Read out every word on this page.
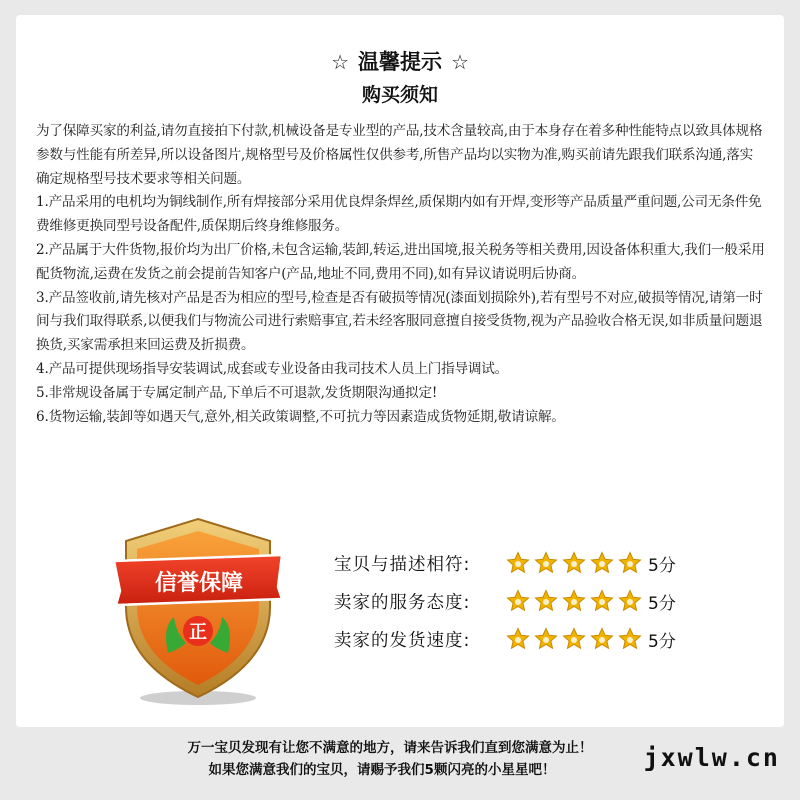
☆ 温馨提示 ☆
购买须知

为了保障买家的利益,请勿直接拍下付款,机械设备是专业型的产品,技术含量较高,由于本身存在着多种性能特点以致具体规格参数与性能有所差异,所以设备图片,规格型号及价格属性仅供参考,所售产品均以实物为准,购买前请先跟我们联系沟通,落实确定规格型号技术要求等相关问题。

1.产品采用的电机均为铜线制作,所有焊接部分采用优良焊条焊丝,质保期内如有开焊,变形等产品质量严重问题,公司无条件免费维修更换同型号设备配件,质保期后终身维修服务。

2.产品属于大件货物,报价均为出厂价格,未包含运输,装卸,转运,进出国境,报关税务等相关费用,因设备体积重大,我们一般采用配货物流,运费在发货之前会提前告知客户(产品,地址不同,费用不同),如有异议请说明后协商。

3.产品签收前,请先核对产品是否为相应的型号,检查是否有破损等情况(漆面划损除外),若有型号不对应,破损等情况,请第一时间与我们取得联系,以便我们与物流公司进行索赔事宜,若未经客服同意擅自接受货物,视为产品验收合格无误,如非质量问题退换货,买家需承担来回运费及折损费。

4.产品可提供现场指导安装调试,成套或专业设备由我司技术人员上门指导调试。

5.非常规设备属于专属定制产品,下单后不可退款,发货期限沟通拟定!

6.货物运输,装卸等如遇天气,意外,相关政策调整,不可抗力等因素造成货物延期,敬请谅解。

信誉保障
正
宝贝与描述相符:	5分
卖家的服务态度:	5分
卖家的发货速度:	5分
万一宝贝发现有让您不满意的地方，请来告诉我们直到您满意为止！
如果您满意我们的宝贝，请赐予我们5颗闪亮的小星星吧！	jxwlw.cn
